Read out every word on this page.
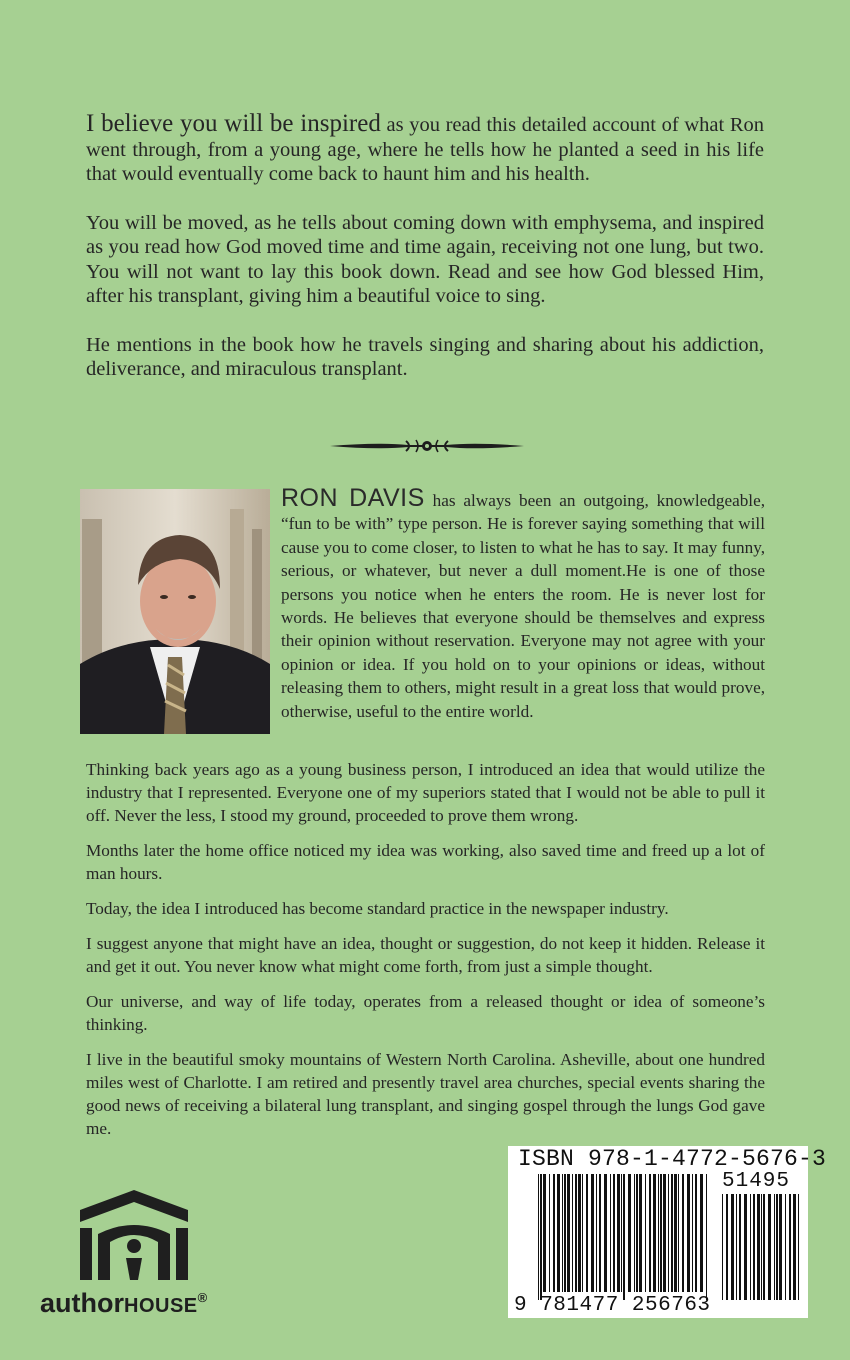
I believe you will be inspired as you read this detailed account of what Ron went through, from a young age, where he tells how he planted a seed in his life that would eventually come back to haunt him and his health.

You will be moved, as he tells about coming down with emphysema, and inspired as you read how God moved time and time again, receiving not one lung, but two. You will not want to lay this book down. Read and see how God blessed Him, after his transplant, giving him a beautiful voice to sing.

He mentions in the book how he travels singing and sharing about his addiction, deliverance, and miraculous transplant.

RON DAVIS has always been an outgoing, knowledgeable, “fun to be with” type person. He is forever saying something that will cause you to come closer, to listen to what he has to say. It may funny, serious, or whatever, but never a dull moment.He is one of those persons you notice when he enters the room. He is never lost for words. He believes that everyone should be themselves and express their opinion without reservation. Everyone may not agree with your opinion or idea. If you hold on to your opinions or ideas, without releasing them to others, might result in a great loss that would prove, otherwise, useful to the entire world.

Thinking back years ago as a young business person, I introduced an idea that would utilize the industry that I represented. Everyone one of my superiors stated that I would not be able to pull it off. Never the less, I stood my ground, proceeded to prove them wrong.

Months later the home office noticed my idea was working, also saved time and freed up a lot of man hours.

Today, the idea I introduced has become standard practice in the newspaper industry.

I suggest anyone that might have an idea, thought or suggestion, do not keep it hidden. Release it and get it out. You never know what might come forth, from just a simple thought.

Our universe, and way of life today, operates from a released thought or idea of someone’s thinking.

I live in the beautiful smoky mountains of Western North Carolina. Asheville, about one hundred miles west of Charlotte. I am retired and presently travel area churches, special events sharing the good news of receiving a bilateral lung transplant, and singing gospel through the lungs God gave me.

authorHOUSE®
ISBN 978-1-4772-5676-3
51495
9 781477 256763
